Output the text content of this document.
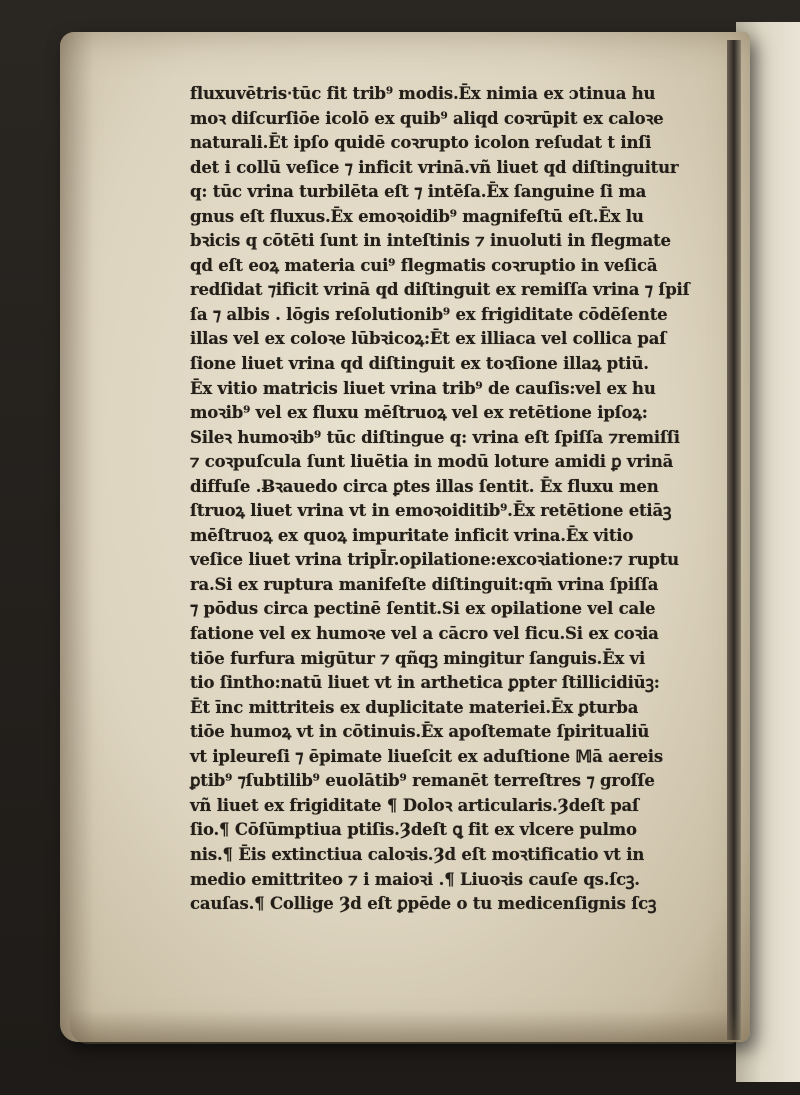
fluxuvētris‧tūc fit trib⁹ modis.Ēx nimia ex ɔtinua hu
moꝛ diſcurſiōe icolō ex quib⁹ aliqd coꝛrūpit ex caloꝛe
naturali.Ēt ipſo quidē coꝛrupto icolon reſudat t inſi
det i collū veſice ⁊ inficit vrinā.vñ liuet qd diſtinguitur
q: tūc vrina turbilēta eſt ⁊ intēſa.Ēx ſanguine ſi ma
gnus eſt fluxus.Ēx emoꝛoidib⁹ magnifeſtū eſt.Ēx lu
bꝛicis q cōtēti ſunt in inteſtinis ⁊ inuoluti in flegmate
qd eſt eoꝝ materia cui⁹ flegmatis coꝛruptio in veſicā
redſidat ⁊ificit vrinā qd diſtinguit ex remiſſa vrina ⁊ ſpiſ
ſa ⁊ albis . lōgis reſolutionib⁹ ex frigiditate cōdēſente
illas vel ex coloꝛe lūbꝛicoꝝ:Ēt ex illiaca vel collica paſ
ſione liuet vrina qd diſtinguit ex toꝛſione illaꝝ ptiū.
Ēx vitio matricis liuet vrina trib⁹ de cauſis:vel ex hu
moꝛib⁹ vel ex fluxu mēſtruoꝝ vel ex retētione ipſoꝝ:
Sileꝛ humoꝛib⁹ tūc diſtingue q: vrina eſt ſpiſſa ⁊remiſſi
⁊ coꝛpuſcula ſunt liuētia in modū loture amidi ꝑ vrinā
diffuſe .Ƀꝛauedo circa ꝑtes illas ſentit. Ēx fluxu men
ſtruoꝝ liuet vrina vt in emoꝛoiditib⁹.Ēx retētione etiāꝫ
mēſtruoꝝ ex quoꝝ impuritate inficit vrina.Ēx vitio
veſice liuet vrina tripl̄r.opilatione:excoꝛiatione:⁊ ruptu
ra.Si ex ruptura manifeſte diſtinguit:qm̄ vrina ſpiſſa
⁊ pōdus circa pectinē ſentit.Si ex opilatione vel cale
fatione vel ex humoꝛe vel a cācro vel ficu.Si ex coꝛia
tiōe furfura migūtur ⁊ qñqꝫ mingitur ſanguis.Ēx vi
tio ſintho:natū liuet vt in arthetica ꝑpter ſtillicidiūꝫ:
Ēt īnc mittriteis ex duplicitate materiei.Ēx ꝑturba
tiōe humoꝝ vt in cōtinuis.Ēx apoſtemate ſpiritualiū
vt ipleureſi ⁊ ēpimate liueſcit ex aduſtione 𝕄ā aereis
ꝑtib⁹ ⁊ſubtilib⁹ euolātib⁹ remanēt terreſtres ⁊ groſſe
vñ liuet ex frigiditate ¶ Doloꝛ articularis.Ȝdeſt paſ
ſio.¶ Cōſūmptiua ptiſis.Ȝdeſt ꝗ fit ex vlcere pulmo
nis.¶ Ēis extinctiua caloꝛis.Ȝd eſt moꝛtificatio vt in
medio emittriteo ⁊ i maioꝛi .¶ Liuoꝛis cauſe qs.ſcꝫ.
cauſas.¶ Collige Ȝd eſt ꝑpēde o tu medicenſignis ſcꝫ
